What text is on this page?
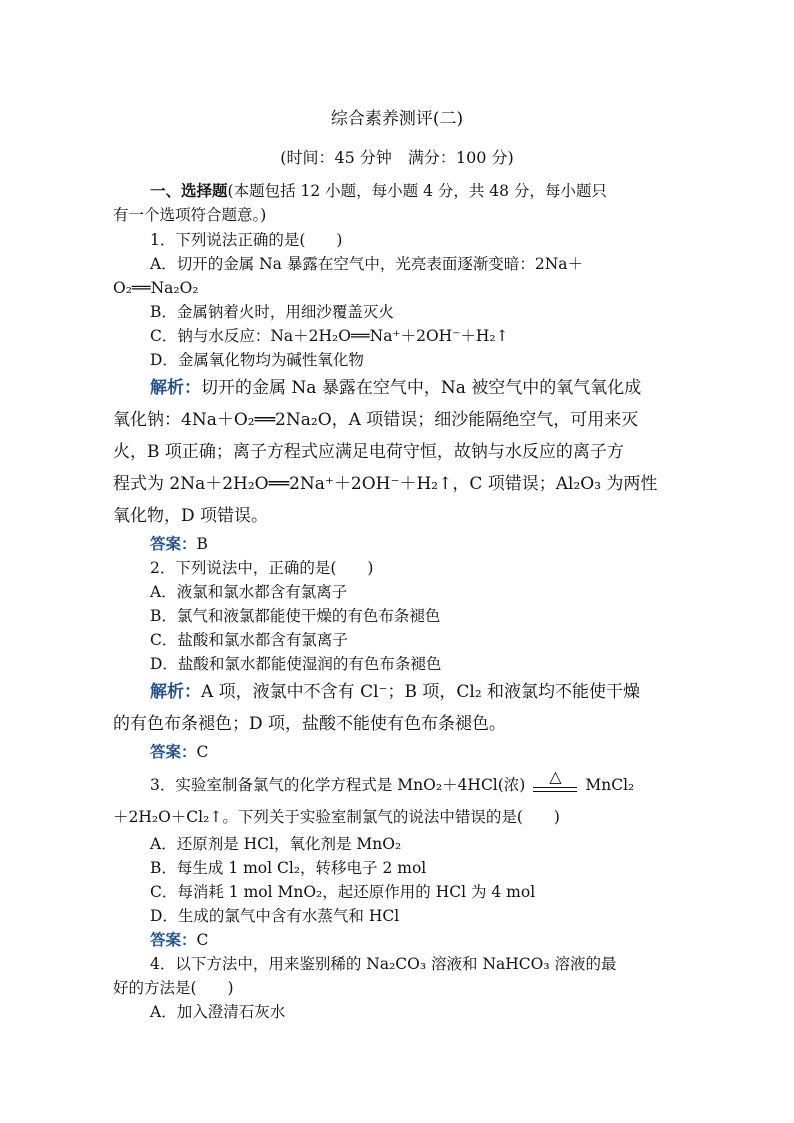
综合素养测评(二)
(时间：45 分钟　满分：100 分)
一、选择题(本题包括 12 小题，每小题 4 分，共 48 分，每小题只
有一个选项符合题意。)
1．下列说法正确的是(　　)
A．切开的金属 Na 暴露在空气中，光亮表面逐渐变暗：2Na＋
O₂══Na₂O₂
B．金属钠着火时，用细沙覆盖灭火
C．钠与水反应：Na＋2H₂O══Na⁺＋2OH⁻＋H₂↑
D．金属氧化物均为碱性氧化物
解析：切开的金属 Na 暴露在空气中，Na 被空气中的氧气氧化成
氧化钠：4Na＋O₂══2Na₂O，A 项错误；细沙能隔绝空气，可用来灭
火，B 项正确；离子方程式应满足电荷守恒，故钠与水反应的离子方
程式为 2Na＋2H₂O══2Na⁺＋2OH⁻＋H₂↑，C 项错误；Al₂O₃ 为两性
氧化物，D 项错误。
答案：B
2．下列说法中，正确的是(　　)
A．液氯和氯水都含有氯离子
B．氯气和液氯都能使干燥的有色布条褪色
C．盐酸和氯水都含有氯离子
D．盐酸和氯水都能使湿润的有色布条褪色
解析：A 项，液氯中不含有 Cl⁻；B 项，Cl₂ 和液氯均不能使干燥
的有色布条褪色；D 项，盐酸不能使有色布条褪色。
答案：C
3．实验室制备氯气的化学方程式是 MnO₂＋4HCl(浓) △ MnCl₂
＋2H₂O＋Cl₂↑。下列关于实验室制氯气的说法中错误的是(　　)
A．还原剂是 HCl，氧化剂是 MnO₂
B．每生成 1 mol Cl₂，转移电子 2 mol
C．每消耗 1 mol MnO₂，起还原作用的 HCl 为 4 mol
D．生成的氯气中含有水蒸气和 HCl
答案：C
4．以下方法中，用来鉴别稀的 Na₂CO₃ 溶液和 NaHCO₃ 溶液的最
好的方法是(　　)
A．加入澄清石灰水
